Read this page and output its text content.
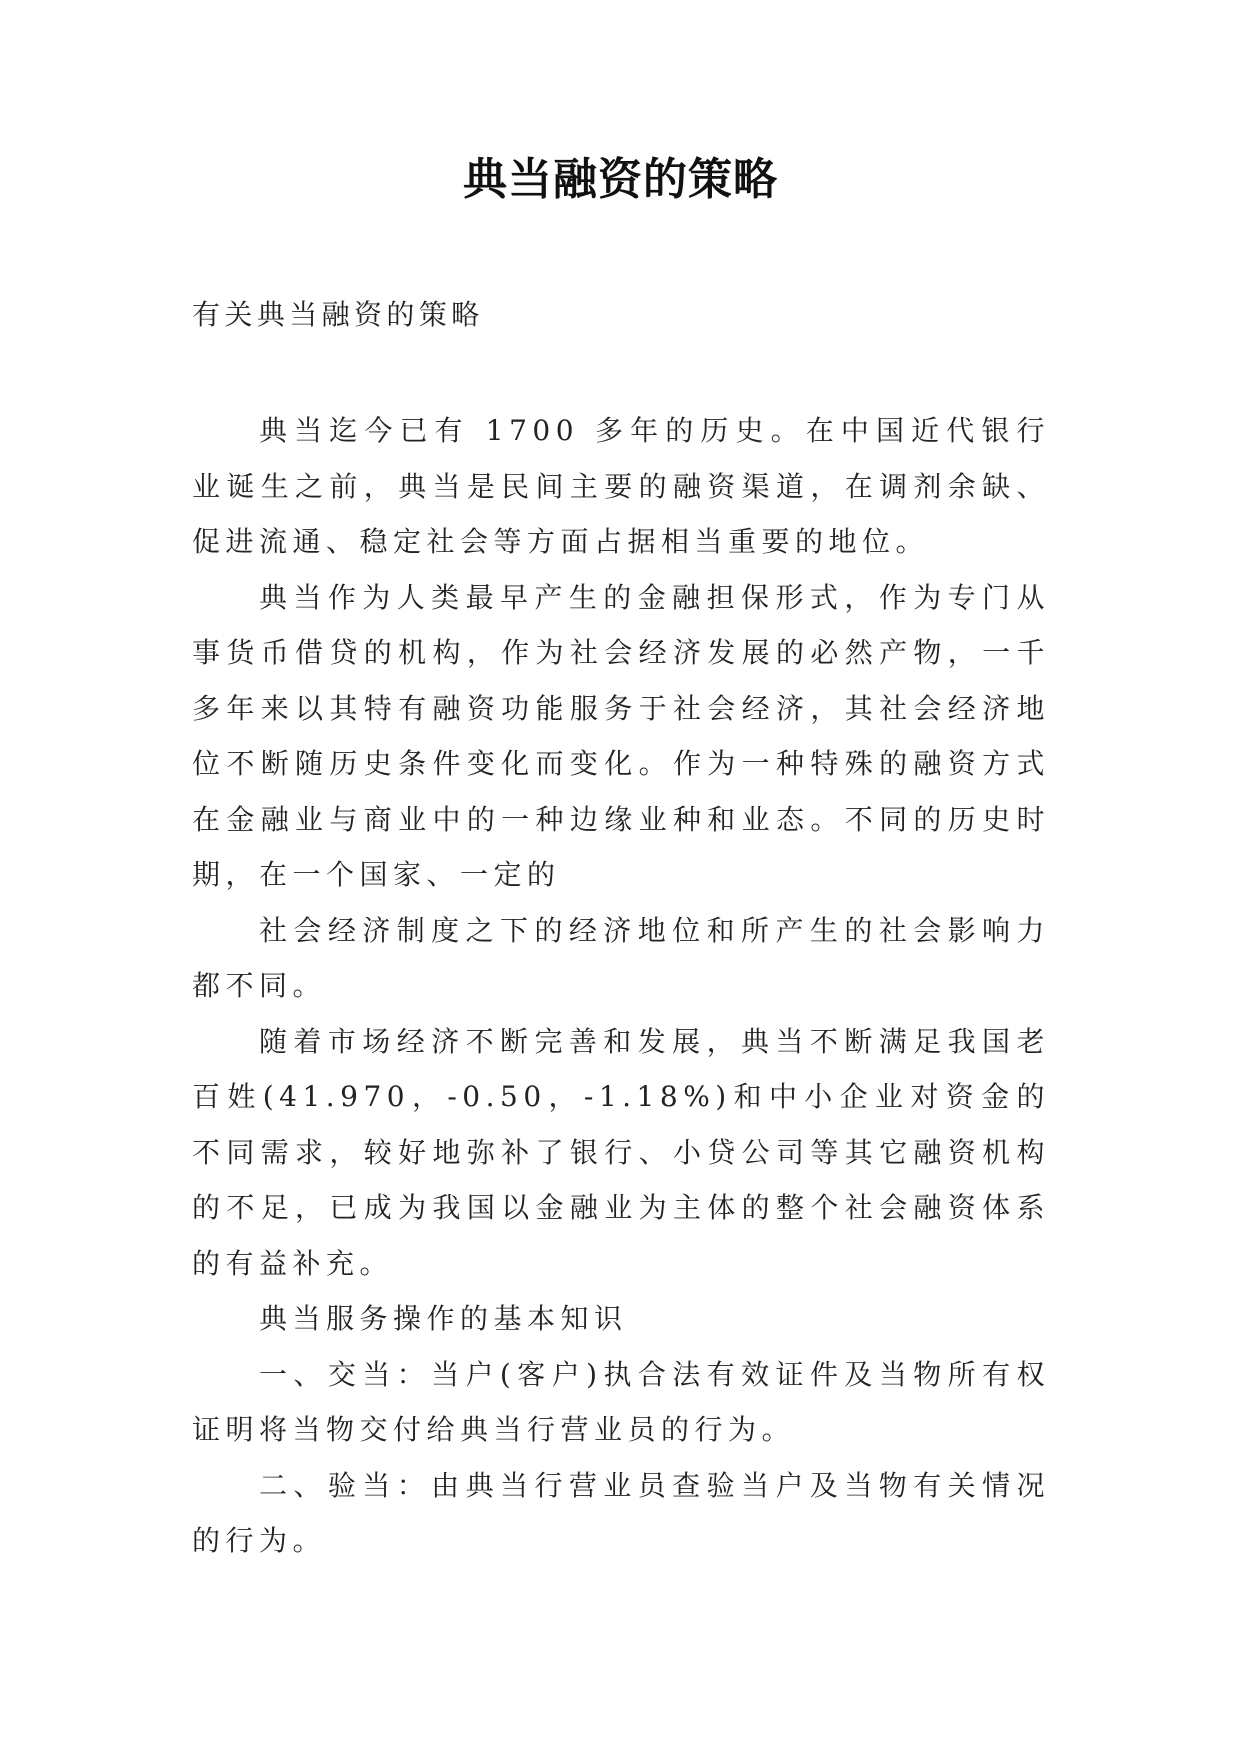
典当融资的策略
有关典当融资的策略

典当迄今已有 1700 多年的历史。在中国近代银行业诞生之前，典当是民间主要的融资渠道，在调剂余缺、促进流通、稳定社会等方面占据相当重要的地位。

典当作为人类最早产生的金融担保形式，作为专门从事货币借贷的机构，作为社会经济发展的必然产物，一千多年来以其特有融资功能服务于社会经济，其社会经济地位不断随历史条件变化而变化。作为一种特殊的融资方式在金融业与商业中的一种边缘业种和业态。不同的历史时期，在一个国家、一定的

社会经济制度之下的经济地位和所产生的社会影响力都不同。

随着市场经济不断完善和发展，典当不断满足我国老百姓(41.970，-0.50，-1.18%)和中小企业对资金的不同需求，较好地弥补了银行、小贷公司等其它融资机构的不足，已成为我国以金融业为主体的整个社会融资体系的有益补充。

典当服务操作的基本知识

一、交当：当户(客户)执合法有效证件及当物所有权证明将当物交付给典当行营业员的行为。

二、验当：由典当行营业员查验当户及当物有关情况的行为。
